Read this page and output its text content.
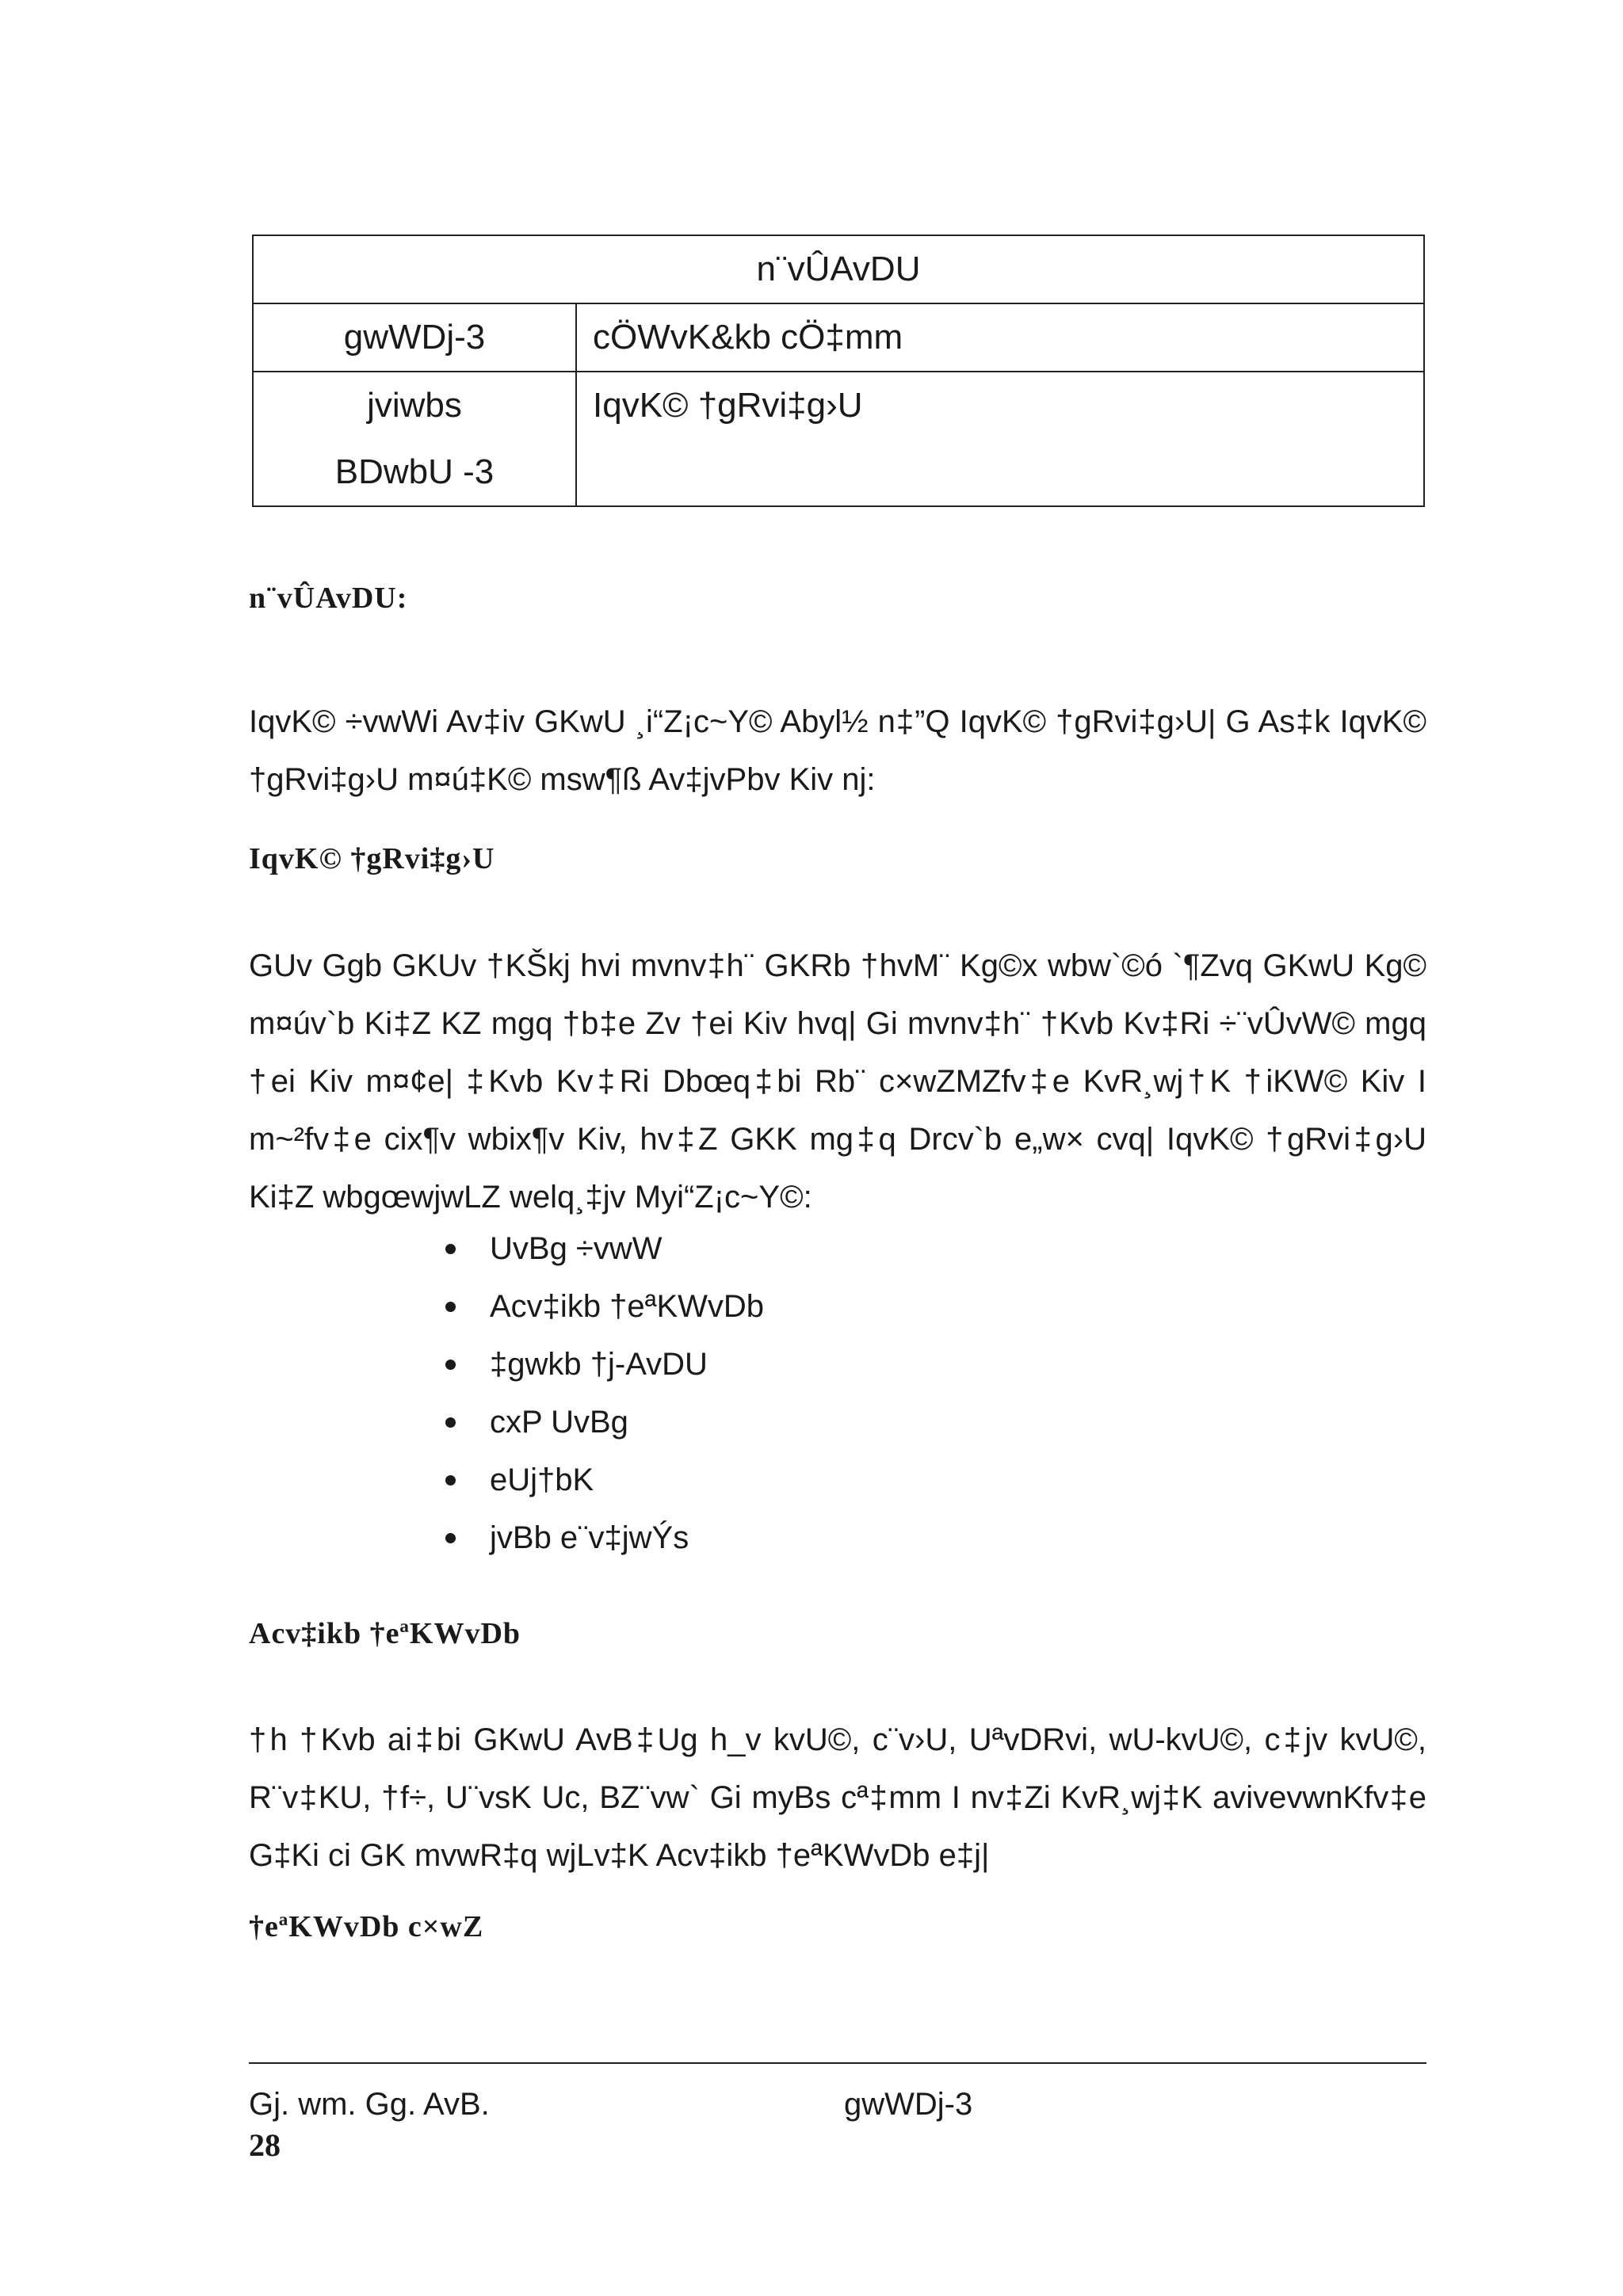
n¨vÛAvDU	
gwWDj-3	cÖWvK&kb cÖ‡mm

jviwbs
BDwbU -3	IqvK© †gRvi‡g›U
n¨vÛAvDU:

IqvK© ÷vwWi Av‡iv GKwU ¸i“Z¡c~Y© Abyl½ n‡”Q IqvK© †gRvi‡g›U| G As‡k IqvK© †gRvi‡g›U m¤ú‡K© msw¶ß Av‡jvPbv Kiv nj:

IqvK© †gRvi‡g›U

GUv Ggb GKUv †KŠkj hvi mvnv‡h¨ GKRb †hvM¨ Kg©x wbw`©ó `¶Zvq GKwU Kg© m¤úv`b Ki‡Z KZ mgq †b‡e Zv †ei Kiv hvq| Gi mvnv‡h¨ †Kvb Kv‡Ri ÷¨vÛvW© mgq †ei Kiv m¤¢e| ‡Kvb Kv‡Ri Dbœq‡bi Rb¨ c×wZMZfv‡e KvR¸wj†K †iKW© Kiv I m~²fv‡e cix¶v wbix¶v Kiv, hv‡Z GKK mg‡q Drcv`b e„w× cvq| IqvK© †gRvi‡g›U Ki‡Z wbgœwjwLZ welq¸‡jv Myi“Z¡c~Y©:

UvBg ÷vwW
Acv‡ikb †eªKWvDb
‡gwkb †j-AvDU
cxP UvBg
eUj†bK
jvBb e¨v‡jwÝs
Acv‡ikb †eªKWvDb

†h †Kvb ai‡bi GKwU AvB‡Ug h_v kvU©, c¨v›U, UªvDRvi, wU-kvU©, c‡jv kvU©, R¨v‡KU, †f÷, U¨vsK Uc, BZ¨vw` Gi myBs cª‡mm I nv‡Zi KvR¸wj‡K avivevwnKfv‡e G‡Ki ci GK mvwR‡q wjLv‡K Acv‡ikb †eªKWvDb e‡j|

†eªKWvDb c×wZ
Gj. wm. Gg. AvB.	gwWDj-3
28
